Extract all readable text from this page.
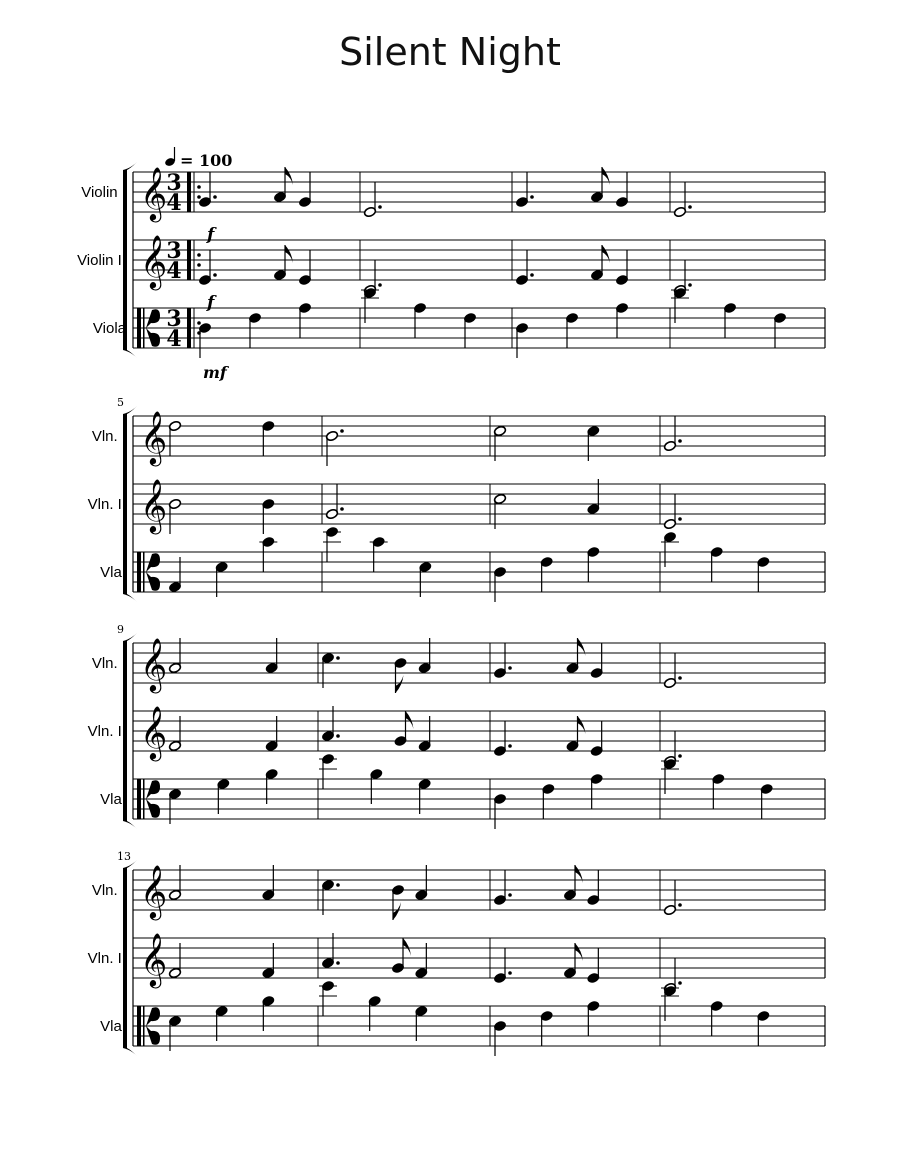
Silent Night
𝄞
Violin I
𝄞
Violin II
Viola
3
4
3
4
3
4
= 100
f
f
mf
𝄞
Vln. I
𝄞
Vln. II
Vla.
5
𝄞
Vln. I
𝄞
Vln. II
Vla.
9
𝄞
Vln. I
𝄞
Vln. II
Vla.
13
